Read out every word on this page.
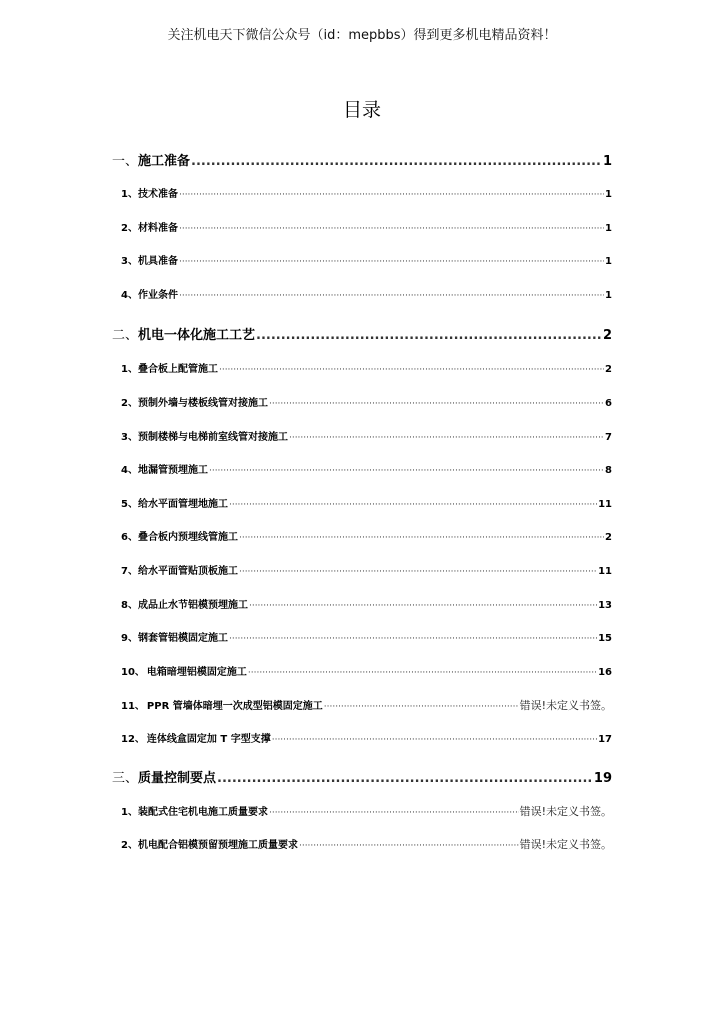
关注机电天下微信公众号（id：mepbbs）得到更多机电精品资料！
目录
一、 施工准备 .....	1
1、 技术准备 ·····	1
2、 材料准备 ·····	1
3、 机具准备 ·····	1
4、 作业条件 ·····	1
二、 机电一体化施工工艺 .....	2
1、 叠合板上配管施工 ·····	2
2、 预制外墙与楼板线管对接施工 ·····	6
3、 预制楼梯与电梯前室线管对接施工 ·····	7
4、 地漏管预埋施工 ·····	8
5、 给水平面管埋地施工 ·····	11
6、 叠合板内预埋线管施工 ·····	2
7、 给水平面管贴顶板施工 ·····	11
8、 成品止水节铝模预埋施工 ·····	13
9、 钢套管铝模固定施工 ·····	15
10、 电箱暗埋铝模固定施工 ·····	16
11、 PPR 管墙体暗埋一次成型铝模固定施工 ·····	错误!未定义书签。
12、 连体线盒固定加 T 字型支撑 ·····	17
三、 质量控制要点 .....	19
1、 装配式住宅机电施工质量要求 ·····	错误!未定义书签。
2、 机电配合铝模预留预埋施工质量要求 ·····	错误!未定义书签。
